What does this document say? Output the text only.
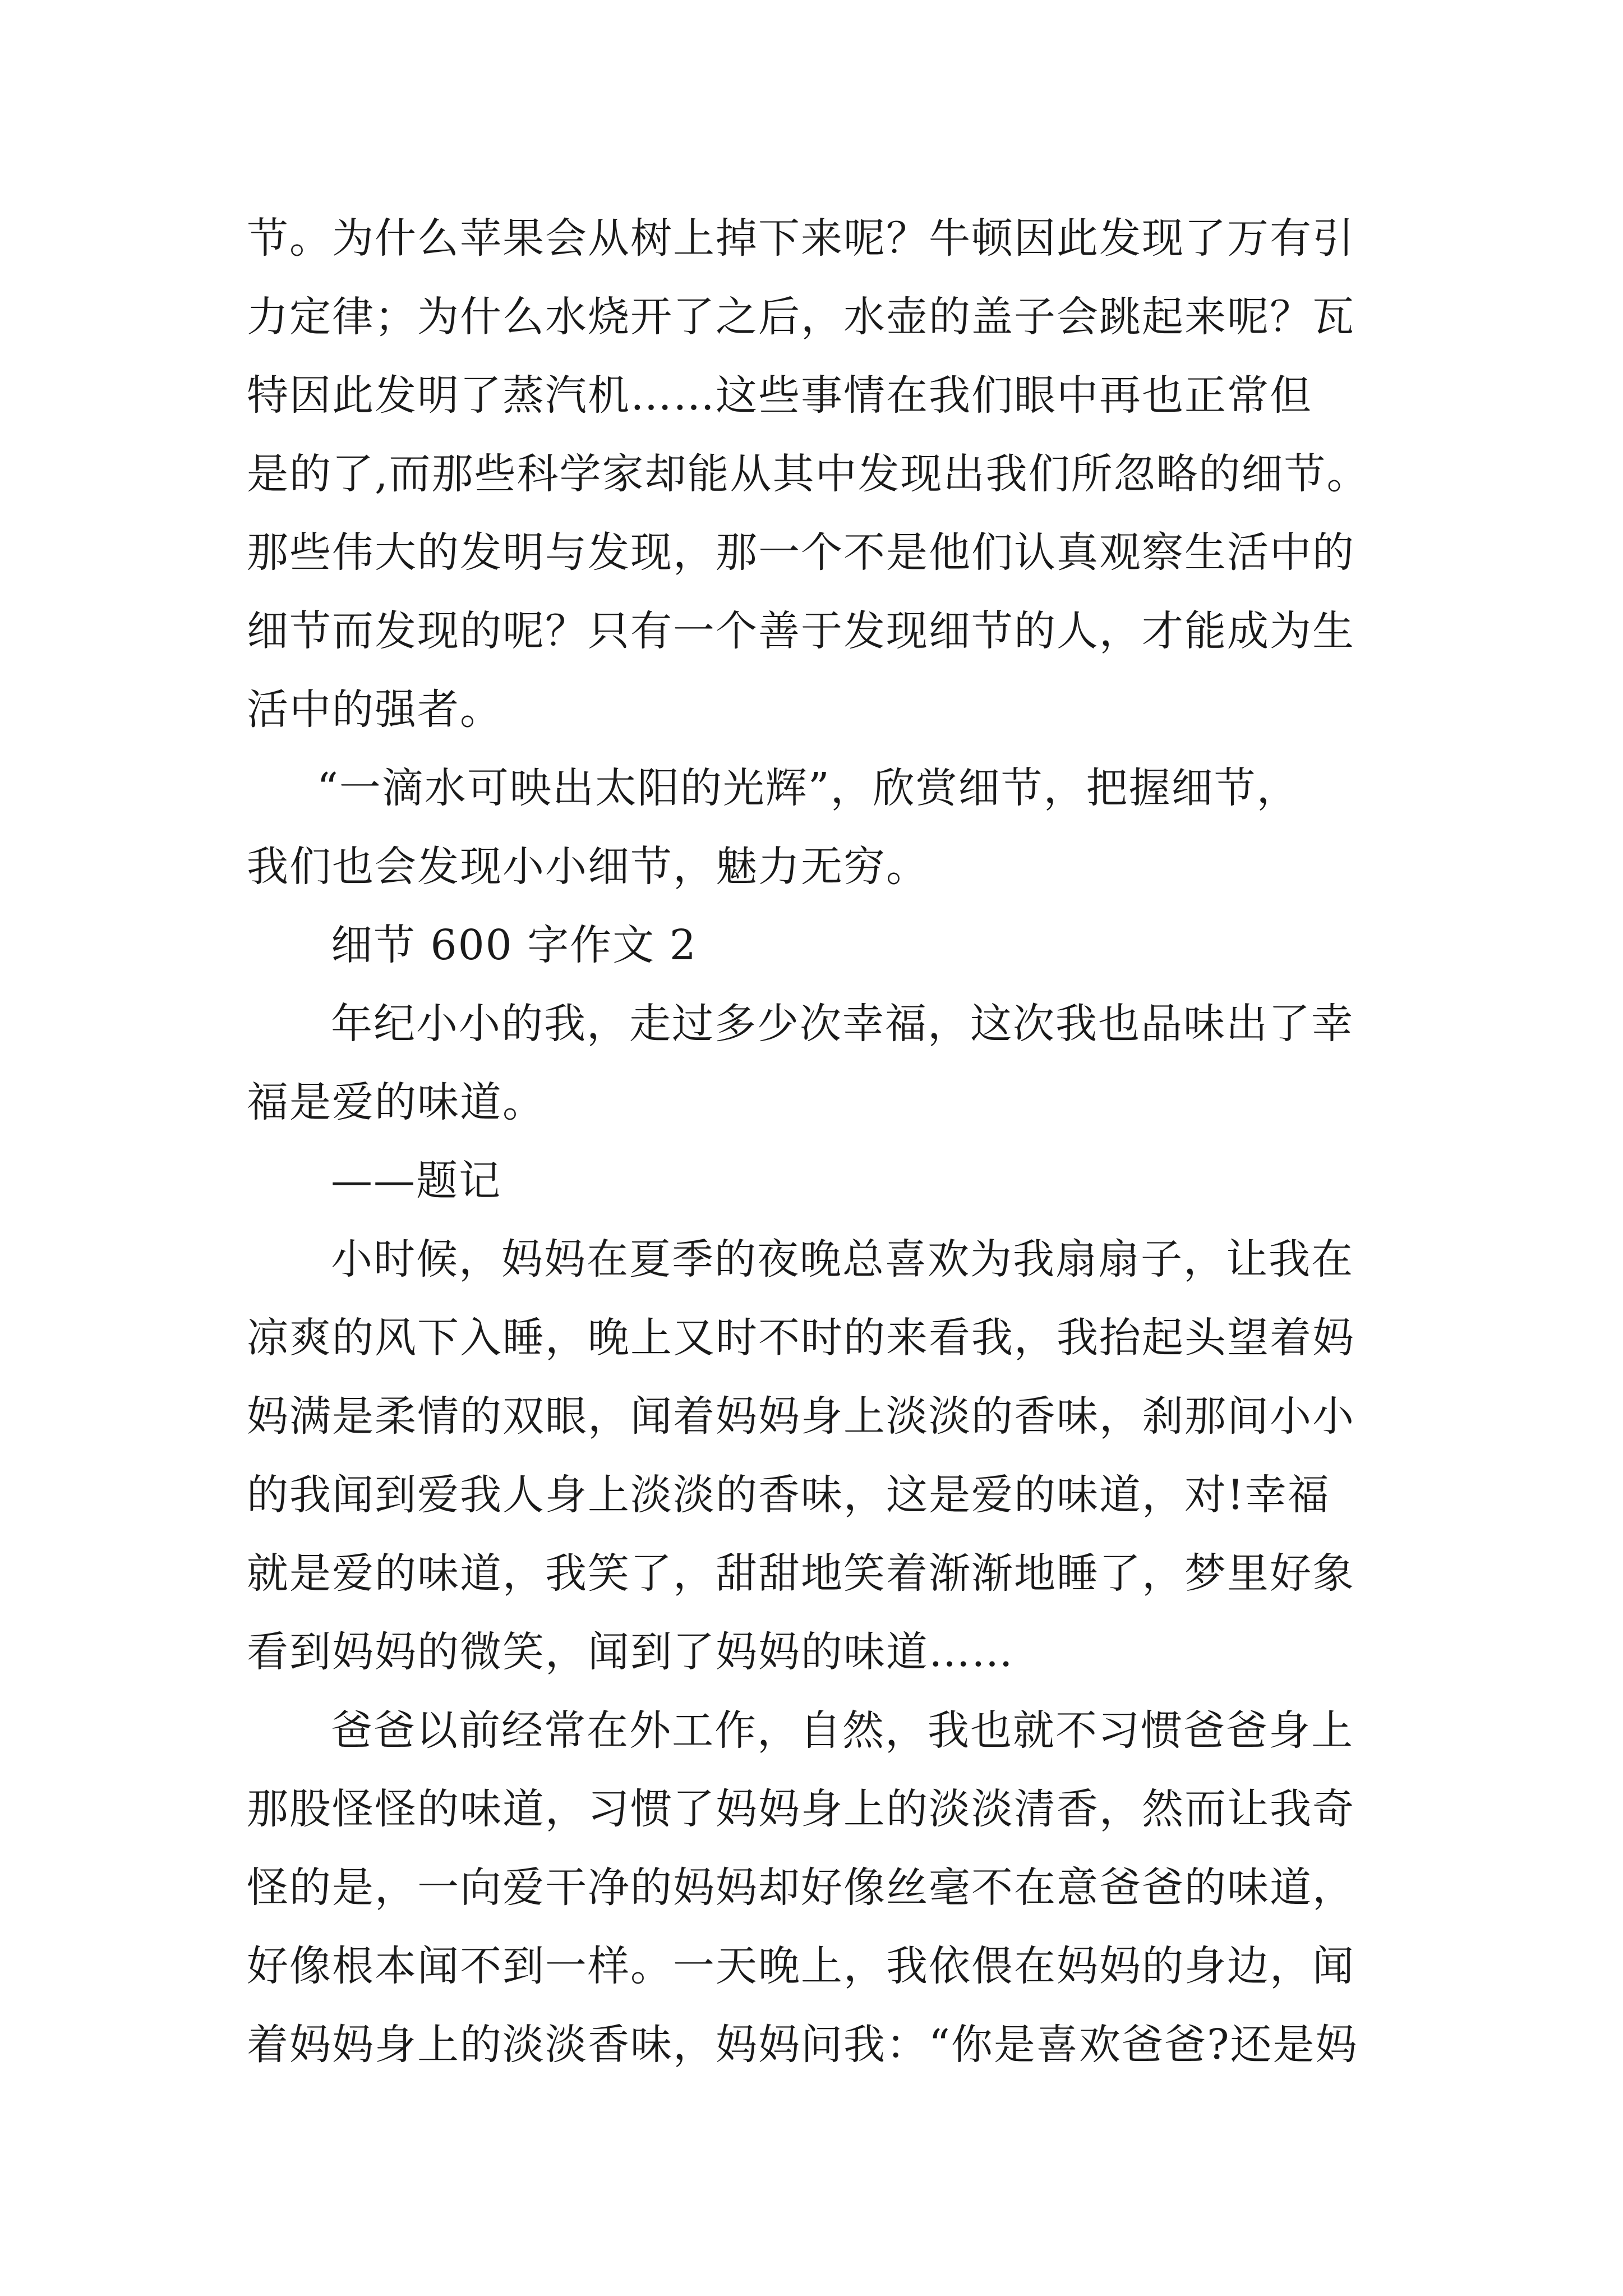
节。为什么苹果会从树上掉下来呢？牛顿因此发现了万有引
力定律；为什么水烧开了之后，水壶的盖子会跳起来呢？瓦
特因此发明了蒸汽机……这些事情在我们眼中再也正常但
是的了,而那些科学家却能从其中发现出我们所忽略的细节。
那些伟大的发明与发现，那一个不是他们认真观察生活中的
细节而发现的呢？只有一个善于发现细节的人，才能成为生
活中的强者。
“一滴水可映出太阳的光辉”，欣赏细节，把握细节，
我们也会发现小小细节，魅力无穷。
细节 600 字作文 2
年纪小小的我，走过多少次幸福，这次我也品味出了幸
福是爱的味道。
——题记
小时候，妈妈在夏季的夜晚总喜欢为我扇扇子，让我在
凉爽的风下入睡，晚上又时不时的来看我，我抬起头望着妈
妈满是柔情的双眼，闻着妈妈身上淡淡的香味，刹那间小小
的我闻到爱我人身上淡淡的香味，这是爱的味道，对!幸福
就是爱的味道，我笑了，甜甜地笑着渐渐地睡了，梦里好象
看到妈妈的微笑，闻到了妈妈的味道……
爸爸以前经常在外工作，自然，我也就不习惯爸爸身上
那股怪怪的味道，习惯了妈妈身上的淡淡清香，然而让我奇
怪的是，一向爱干净的妈妈却好像丝毫不在意爸爸的味道，
好像根本闻不到一样。一天晚上，我依偎在妈妈的身边，闻
着妈妈身上的淡淡香味，妈妈问我：“你是喜欢爸爸?还是妈
